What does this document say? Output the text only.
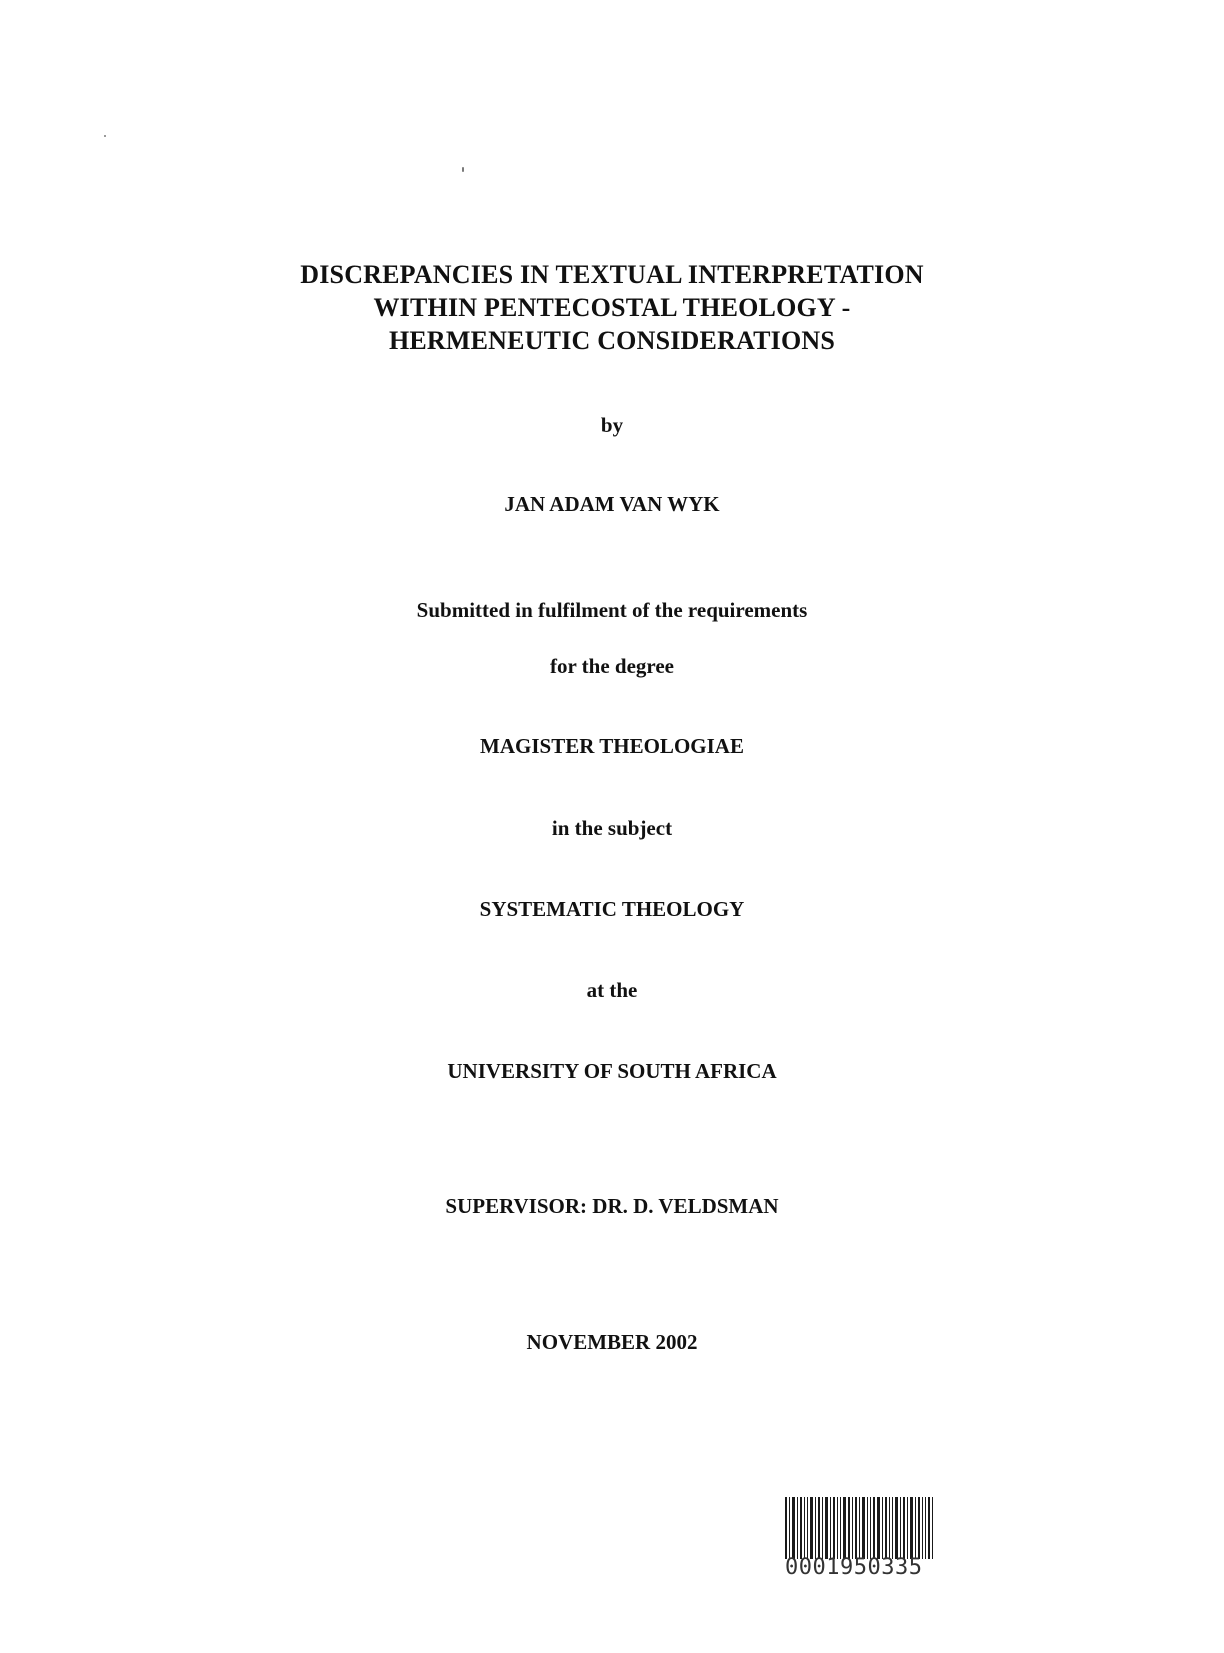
DISCREPANCIES IN TEXTUAL INTERPRETATION
WITHIN PENTECOSTAL THEOLOGY -
HERMENEUTIC CONSIDERATIONS
by
JAN ADAM VAN WYK
Submitted in fulfilment of the requirements
for the degree
MAGISTER THEOLOGIAE
in the subject
SYSTEMATIC THEOLOGY
at the
UNIVERSITY OF SOUTH AFRICA
SUPERVISOR: DR. D. VELDSMAN
NOVEMBER 2002
0001950335
